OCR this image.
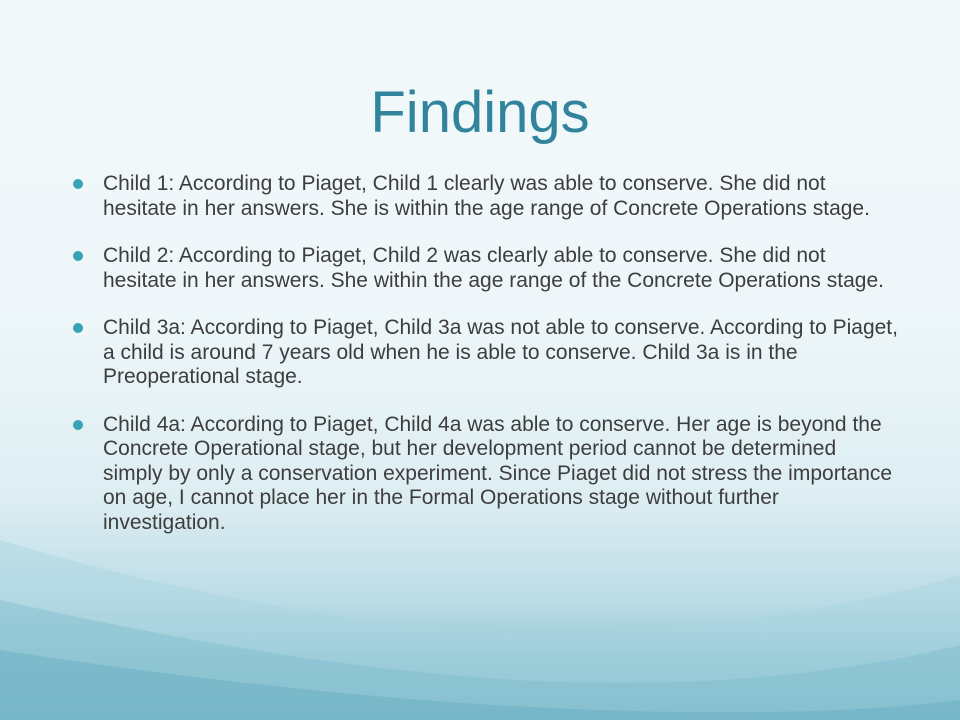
Findings
Child 1: According to Piaget, Child 1 clearly was able to conserve. She did not hesitate in her answers. She is within the age range of Concrete Operations stage.
Child 2: According to Piaget, Child 2 was clearly able to conserve. She did not hesitate in her answers. She within the age range of the Concrete Operations stage.
Child 3a: According to Piaget, Child 3a was not able to conserve. According to Piaget, a child is around 7 years old when he is able to conserve. Child 3a is in the Preoperational stage.
Child 4a: According to Piaget, Child 4a was able to conserve. Her age is beyond the Concrete Operational stage, but her development period cannot be determined simply by only a conservation experiment. Since Piaget did not stress the importance on age, I cannot place her in the Formal Operations stage without further investigation.
